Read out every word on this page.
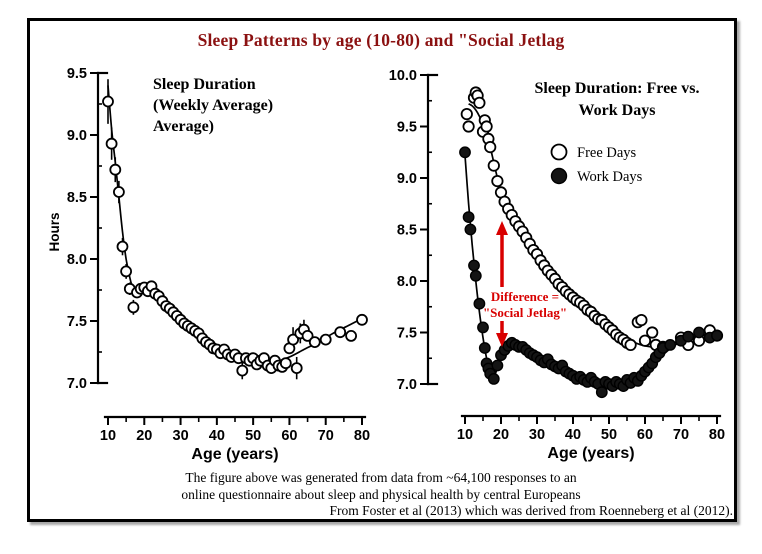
Sleep Patterns by age (10-80) and "Social Jetlag
9.5
9.0
8.5
8.0
7.5
7.0
Hours
10 20 30 40 50 60 70 80
Age (years)
Sleep Duration
(Weekly Average)
Average)
10.0
9.5
9.0
8.5
8.0
7.5
7.0
10 20 30 40 50 60 70 80
Age (years)
Sleep Duration: Free vs.
Work Days
Free Days
Work Days
Difference =
"Social Jetlag"
The figure above was generated from data from ~64,100 responses to an
online questionnaire about sleep and physical health by central Europeans
From Foster et al (2013) which was derived from Roenneberg et al (2012).
